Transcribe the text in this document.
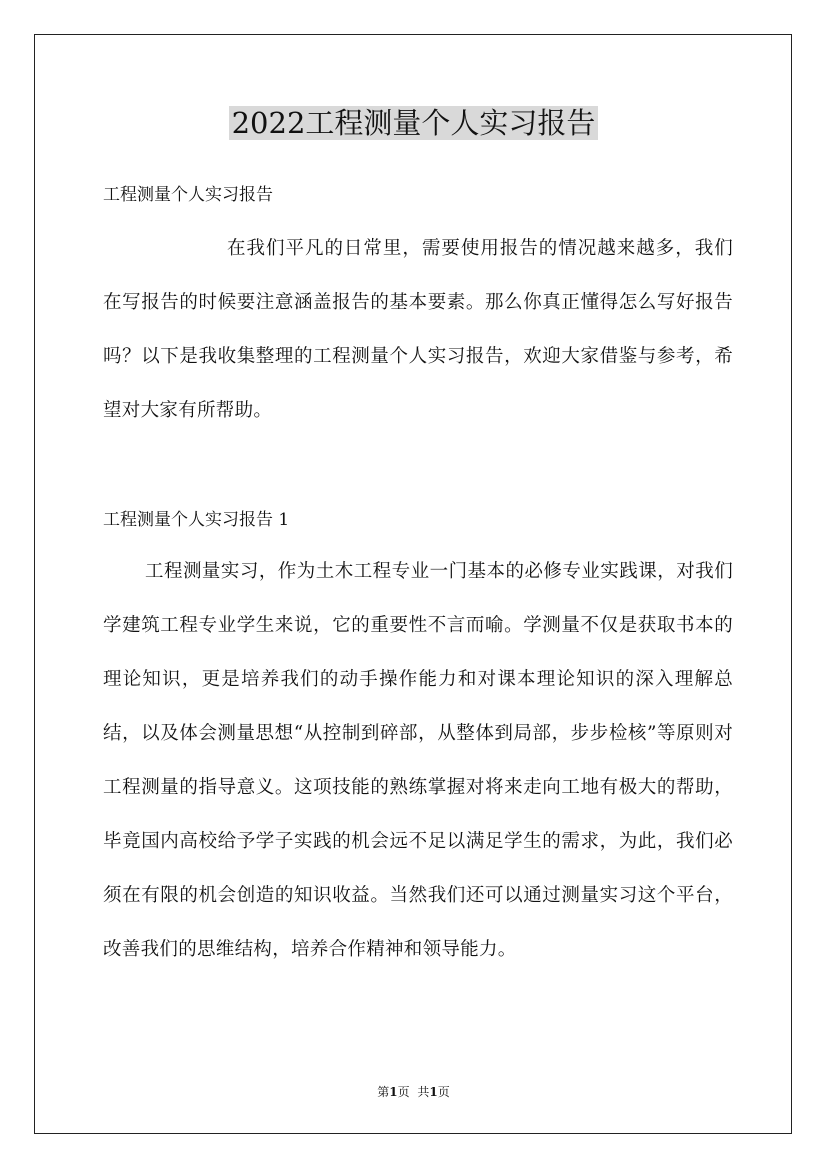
2022工程测量个人实习报告

工程测量个人实习报告

在我们平凡的日常里，需要使用报告的情况越来越多，我们在写报告的时候要注意涵盖报告的基本要素。那么你真正懂得怎么写好报告吗？以下是我收集整理的工程测量个人实习报告，欢迎大家借鉴与参考，希望对大家有所帮助。

工程测量个人实习报告 1

工程测量实习，作为土木工程专业一门基本的必修专业实践课，对我们学建筑工程专业学生来说，它的重要性不言而喻。学测量不仅是获取书本的理论知识，更是培养我们的动手操作能力和对课本理论知识的深入理解总结，以及体会测量思想“从控制到碎部，从整体到局部，步步检核”等原则对工程测量的指导意义。这项技能的熟练掌握对将来走向工地有极大的帮助，毕竟国内高校给予学子实践的机会远不足以满足学生的需求，为此，我们必须在有限的机会创造的知识收益。当然我们还可以通过测量实习这个平台，改善我们的思维结构，培养合作精神和领导能力。

第1页 共1页
